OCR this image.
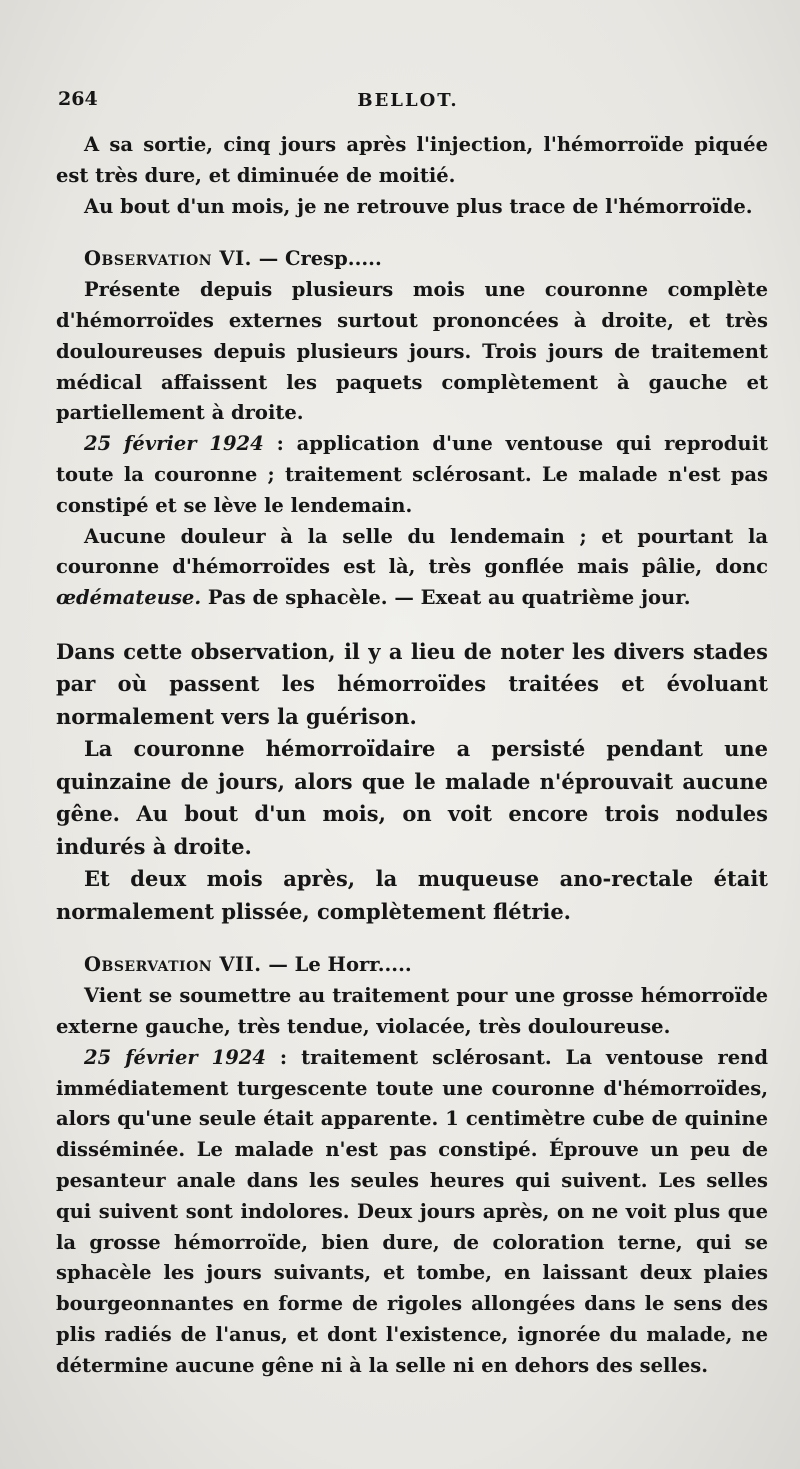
264	BELLOT.

A sa sortie, cinq jours après l'injection, l'hémorroïde piquée est très dure, et diminuée de moitié.

Au bout d'un mois, je ne retrouve plus trace de l'hémorroïde.

Observation VI. — Cresp.....

Présente depuis plusieurs mois une couronne complète d'hémorroïdes externes surtout prononcées à droite, et très douloureuses depuis plusieurs jours. Trois jours de traitement médical affaissent les paquets complètement à gauche et partiellement à droite.

25 février 1924 : application d'une ventouse qui reproduit toute la couronne ; traitement sclérosant. Le malade n'est pas constipé et se lève le lendemain.

Aucune douleur à la selle du lendemain ; et pourtant la couronne d'hémorroïdes est là, très gonflée mais pâlie, donc œdémateuse. Pas de sphacèle. — Exeat au quatrième jour.

Dans cette observation, il y a lieu de noter les divers stades par où passent les hémorroïdes traitées et évoluant normalement vers la guérison.

La couronne hémorroïdaire a persisté pendant une quinzaine de jours, alors que le malade n'éprouvait aucune gêne. Au bout d'un mois, on voit encore trois nodules indurés à droite.

Et deux mois après, la muqueuse ano-rectale était normalement plissée, complètement flétrie.

Observation VII. — Le Horr.....

Vient se soumettre au traitement pour une grosse hémorroïde externe gauche, très tendue, violacée, très douloureuse.

25 février 1924 : traitement sclérosant. La ventouse rend immédiatement turgescente toute une couronne d'hémorroïdes, alors qu'une seule était apparente. 1 centimètre cube de quinine disséminée. Le malade n'est pas constipé. Éprouve un peu de pesanteur anale dans les seules heures qui suivent. Les selles qui suivent sont indolores. Deux jours après, on ne voit plus que la grosse hémorroïde, bien dure, de coloration terne, qui se sphacèle les jours suivants, et tombe, en laissant deux plaies bourgeonnantes en forme de rigoles allongées dans le sens des plis radiés de l'anus, et dont l'existence, ignorée du malade, ne détermine aucune gêne ni à la selle ni en dehors des selles.
